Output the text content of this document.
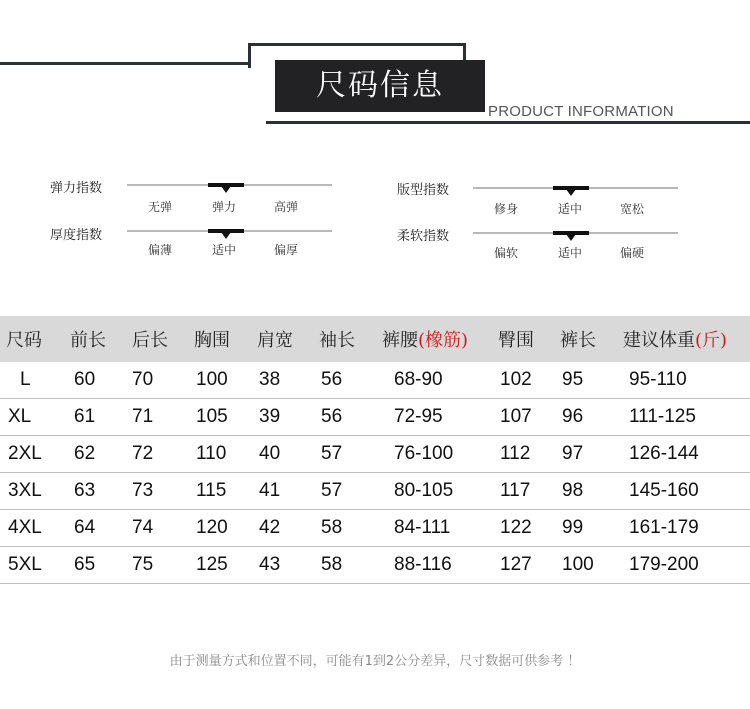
尺码信息
PRODUCT INFORMATION
弹力指数
无弹	弹力	高弹
厚度指数
偏薄	适中	偏厚
版型指数
修身	适中	宽松
柔软指数
偏软	适中	偏硬
尺码	前长	后长	胸围	肩宽	袖长	裤腰(橡筋)	臀围	裤长	建议体重(斤)
L	60	70	100	38	56	68-90	102	95	95-110
XL	61	71	105	39	56	72-95	107	96	111-125
2XL	62	72	110	40	57	76-100	112	97	126-144
3XL	63	73	115	41	57	80-105	117	98	145-160
4XL	64	74	120	42	58	84-111	122	99	161-179
5XL	65	75	125	43	58	88-116	127	100	179-200
由于测量方式和位置不同，可能有1到2公分差异，尺寸数据可供参考 ！
